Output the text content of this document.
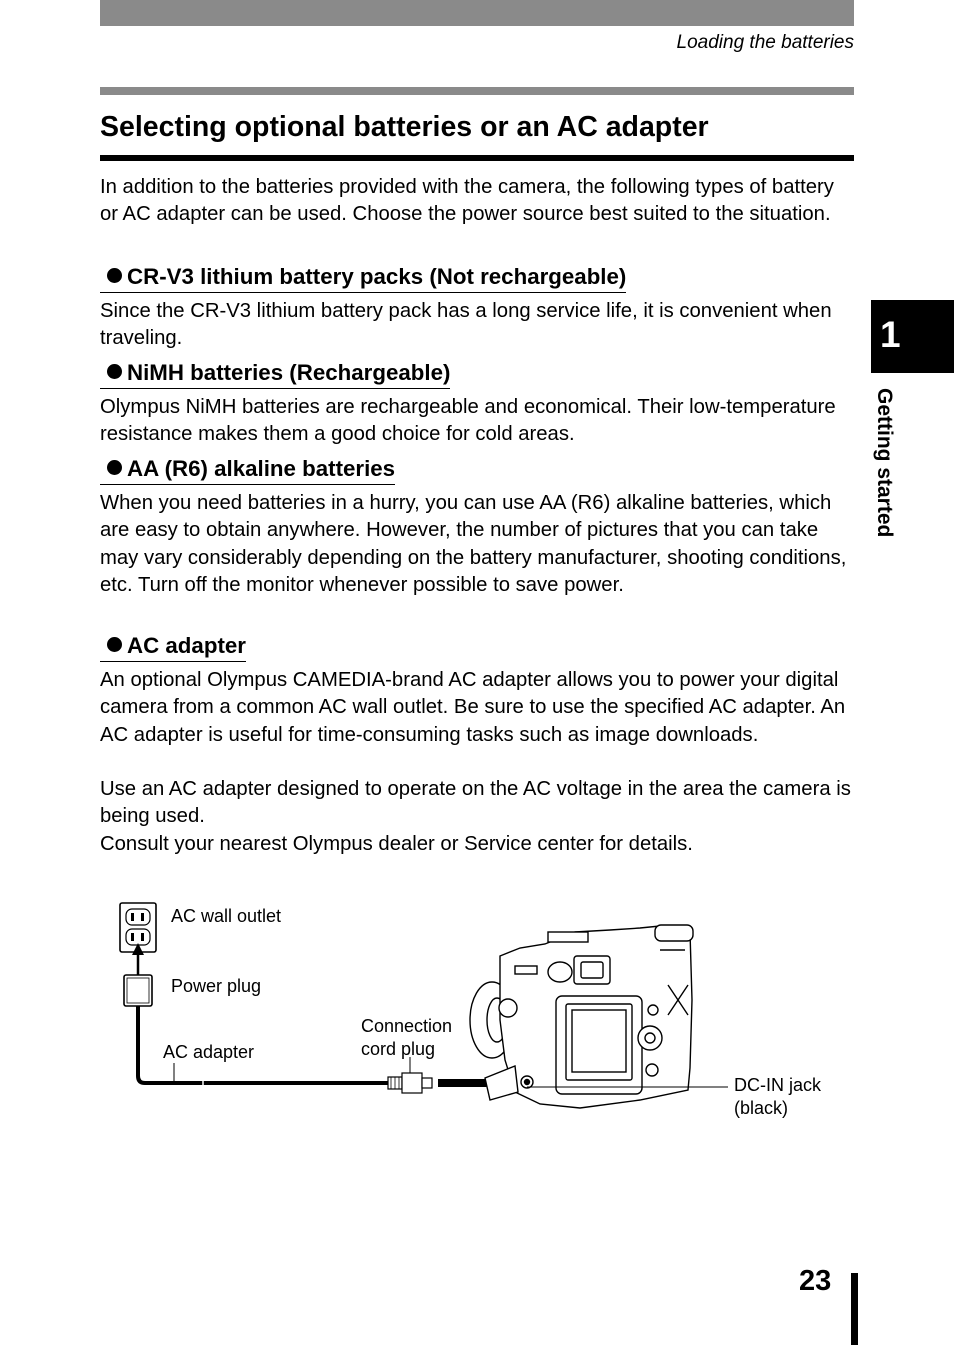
Loading the batteries
Selecting optional batteries or an AC adapter

In addition to the batteries provided with the camera, the following types of battery or AC adapter can be used. Choose the power source best suited to the situation.

CR-V3 lithium battery packs (Not rechargeable)

Since the CR-V3 lithium battery pack has a long service life, it is convenient when traveling.

NiMH batteries (Rechargeable)

Olympus NiMH batteries are rechargeable and economical. Their low-temperature resistance makes them a good choice for cold areas.

AA (R6) alkaline batteries

When you need batteries in a hurry, you can use AA (R6) alkaline batteries, which are easy to obtain anywhere. However, the number of pictures that you can take may vary considerably depending on the battery manufacturer, shooting conditions, etc. Turn off the monitor whenever possible to save power.

AC adapter

An optional Olympus CAMEDIA-brand AC adapter allows you to power your digital camera from a common AC wall outlet. Be sure to use the specified AC adapter. An AC adapter is useful for time-consuming tasks such as image downloads.

Use an AC adapter designed to operate on the AC voltage in the area the camera is being used.

Consult your nearest Olympus dealer or Service center for details.

AC wall outlet
Power plug
AC adapter
Connection
cord plug
DC-IN jack
(black)
1
Getting started
23
